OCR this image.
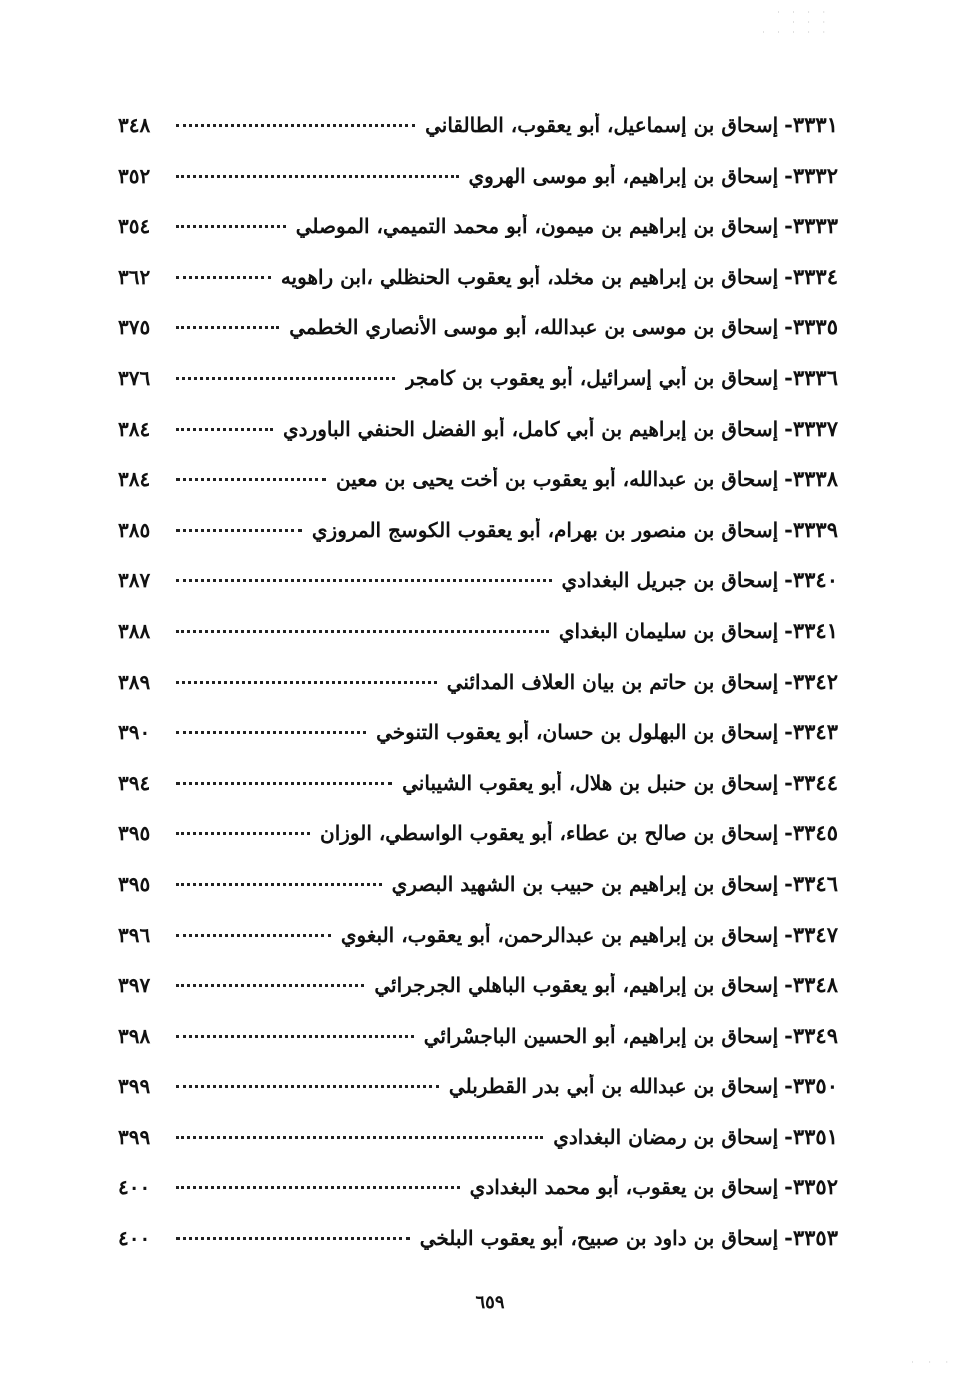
· · · ·
· · ·
· · · · ·
٣٣٣١-
إسحاق بن إسماعيل، أبو يعقوب، الطالقاني
٣٤٨
٣٣٣٢-
إسحاق بن إبراهيم، أبو موسى الهروي
٣٥٢
٣٣٣٣-
إسحاق بن إبراهيم بن ميمون، أبو محمد التميمي، الموصلي
٣٥٤
٣٣٣٤-
إسحاق بن إبراهيم بن مخلد، أبو يعقوب الحنظلي ،ابن راهويه
٣٦٢
٣٣٣٥-
إسحاق بن موسى بن عبدالله، أبو موسى الأنصاري الخطمي
٣٧٥
٣٣٣٦-
إسحاق بن أبي إسرائيل، أبو يعقوب بن كامجر
٣٧٦
٣٣٣٧-
إسحاق بن إبراهيم بن أبي كامل، أبو الفضل الحنفي الباوردي
٣٨٤
٣٣٣٨-
إسحاق بن عبدالله، أبو يعقوب بن أخت يحيى بن معين
٣٨٤
٣٣٣٩-
إسحاق بن منصور بن بهرام، أبو يعقوب الكوسج المروزي
٣٨٥
٣٣٤٠-
إسحاق بن جبريل البغدادي
٣٨٧
٣٣٤١-
إسحاق بن سليمان البغداي
٣٨٨
٣٣٤٢-
إسحاق بن حاتم بن بيان العلاف المدائني
٣٨٩
٣٣٤٣-
إسحاق بن البهلول بن حسان، أبو يعقوب التنوخي
٣٩٠
٣٣٤٤-
إسحاق بن حنبل بن هلال، أبو يعقوب الشيباني
٣٩٤
٣٣٤٥-
إسحاق بن صالح بن عطاء، أبو يعقوب الواسطي، الوزان
٣٩٥
٣٣٤٦-
إسحاق بن إبراهيم بن حبيب بن الشهيد البصري
٣٩٥
٣٣٤٧-
إسحاق بن إبراهيم بن عبدالرحمن، أبو يعقوب، البغوي
٣٩٦
٣٣٤٨-
إسحاق بن إبراهيم، أبو يعقوب الباهلي الجرجرائي
٣٩٧
٣٣٤٩-
إسحاق بن إبراهيم، أبو الحسين الباجسْرائي
٣٩٨
٣٣٥٠-
إسحاق بن عبدالله بن أبي بدر القطربلي
٣٩٩
٣٣٥١-
إسحاق بن رمضان البغدادي
٣٩٩
٣٣٥٢-
إسحاق بن يعقوب، أبو محمد البغدادي
٤٠٠
٣٣٥٣-
إسحاق بن داود بن صبيح، أبو يعقوب البلخي
٤٠٠
٦٥٩
· · ·
